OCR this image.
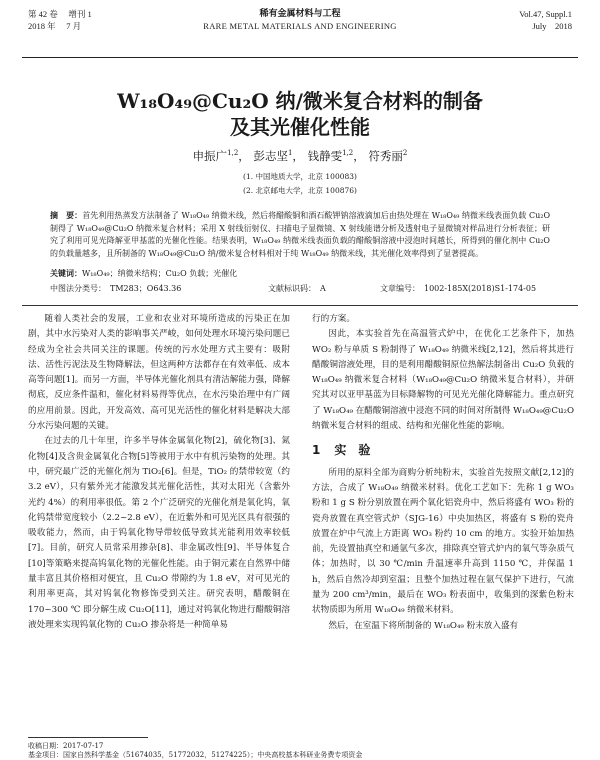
第 42 卷　 增刊 1
2018 年　 7 月
稀有金属材料与工程
RARE METAL MATERIALS AND ENGINEERING
Vol.47, Suppl.1
July　2018
W₁₈O₄₉@Cu₂O 纳/微米复合材料的制备
及其光催化性能
申振广$^{1,2}$， 彭志坚$^1$， 钱静雯$^{1,2}$， 符秀丽$^2$
(1. 中国地质大学，北京 100083)
(2. 北京邮电大学，北京 100876)
摘　要：首先利用热蒸发方法制备了 W₁₈O₄₉ 纳微米线，然后将醋酸铜和酒石酸钾钠溶液滴加后由热处理在 W₁₈O₄₉ 纳微米线表面负载 Cu₂O 制得了 W₁₈O₄₉@Cu₂O 纳微米复合材料；采用 X 射线衍射仪、扫描电子显微镜、X 射线能谱分析及透射电子显微镜对样品进行分析表征；研究了利用可见光降解亚甲基蓝的光催化性能。结果表明，W₁₈O₄₉ 纳微米线表面负载的醋酸铜溶液中浸泡时间越长，所得到的催化剂中 Cu₂O 的负载量越多，且所制备的 W₁₈O₄₉@Cu₂O 纳/微米复合材料相对于纯 W₁₈O₄₉ 纳微米线，其光催化效率得到了显著提高。
关键词：W₁₈O₄₉；纳微米结构；Cu₂O 负载；光催化
中图法分类号：　TM283；O643.36	文献标识码：　A	文章编号：　1002-185X(2018)S1-174-05

随着人类社会的发展，工业和农业对环境所造成的污染正在加剧，其中水污染对人类的影响事关严峻，如何处理水环境污染问题已经成为全社会共同关注的课题。传统的污水处理方式主要有：吸附法、活性污泥法及生物降解法，但这两种方法都存在有效率低、成本高等问题[1]。而另一方面，半导体光催化剂具有清洁解能力强，降解彻底，反应条件温和，催化材料易得等优点，在水污染治理中有广阔的应用前景。因此，开发高效、高可见光活性的催化材料是解决大部分水污染问题的关键。

在过去的几十年里，许多半导体金属氧化物[2]，硫化物[3]、氮化物[4]及含贵金属氧化合物[5]等被用于水中有机污染物的处理。其中，研究最广泛的光催化剂为 TiO₂[6]。但是，TiO₂ 的禁带较宽（约 3.2 eV），只有紫外光才能激发其光催化活性，其对太阳光（含紫外光约 4%）的利用率很低。第 2 个广泛研究的光催化剂是氧化钨，氧化钨禁带宽度较小（2.2~2.8 eV），在近紫外和可见光区具有很强的吸收能力，然而，由于钨氧化物导带较低导致其光能利用效率较低[7]。目前，研究人员常采用掺杂[8]、非金属改性[9]、半导体复合[10]等策略来提高钨氧化物的光催化性能。由于铜元素在自然界中储量丰富且其价格相对便宜，且 Cu₂O 带隙约为 1.8 eV，对可见光的利用率更高，其对钨氧化物修饰受到关注。研究表明，醋酸铜在 170~300 ℃ 即分解生成 Cu₂O[11]，通过对钨氧化物进行醋酸铜溶液处理来实现钨氧化物的 Cu₂O 掺杂将是一种简单易

行的方案。

因此，本实验首先在高温管式炉中，在优化工艺条件下，加热 WO₂ 粉与单质 S 粉制得了 W₁₈O₄₉ 纳微米线[2,12]，然后将其进行醋酸铜溶液处理，目的是利用醋酸铜原位热解法制备出 Cu₂O 负载的 W₁₈O₄₉ 纳微米复合材料（W₁₈O₄₉@Cu₂O 纳微米复合材料），并研究其对以亚甲基蓝为目标降解物的可见光光催化降解能力。重点研究了 W₁₈O₄₉ 在醋酸铜溶液中浸泡不同的时间对所制得 W₁₈O₄₉@Cu₂O 纳微米复合材料的组成、结构和光催化性能的影响。

1 实　验

所用的原料全部为商购分析纯粉末，实验首先按照文献[2,12]的方法，合成了 W₁₈O₄₉ 纳微米材料。优化工艺如下：先称 1 g WO₃ 粉和 1 g S 粉分别放置在两个氧化铝瓷舟中，然后将盛有 WO₃ 粉的瓷舟放置在真空管式炉（SJG-16）中央加热区，将盛有 S 粉的瓷舟放置在炉中气流上方距离 WO₃ 粉约 10 cm 的地方。实验开始加热前，先设置抽真空和通氩气多次，排除真空管式炉内的氧气等杂质气体；加热时，以 30 ℃/min 升温速率升高到 1150 ℃，并保温 1 h，然后自然冷却到室温；且整个加热过程在氩气保护下进行，气流量为 200 cm³/min，最后在 WO₃ 粉表面中，收集到的深紫色粉末状物质即为所用 W₁₈O₄₉ 纳微米材料。

然后，在室温下将所制备的 W₁₈O₄₉ 粉末放入盛有

收稿日期：2017-07-17
基金项目：国家自然科学基金（51674035，51772032，51274225）；中央高校基本科研业务费专项资金
